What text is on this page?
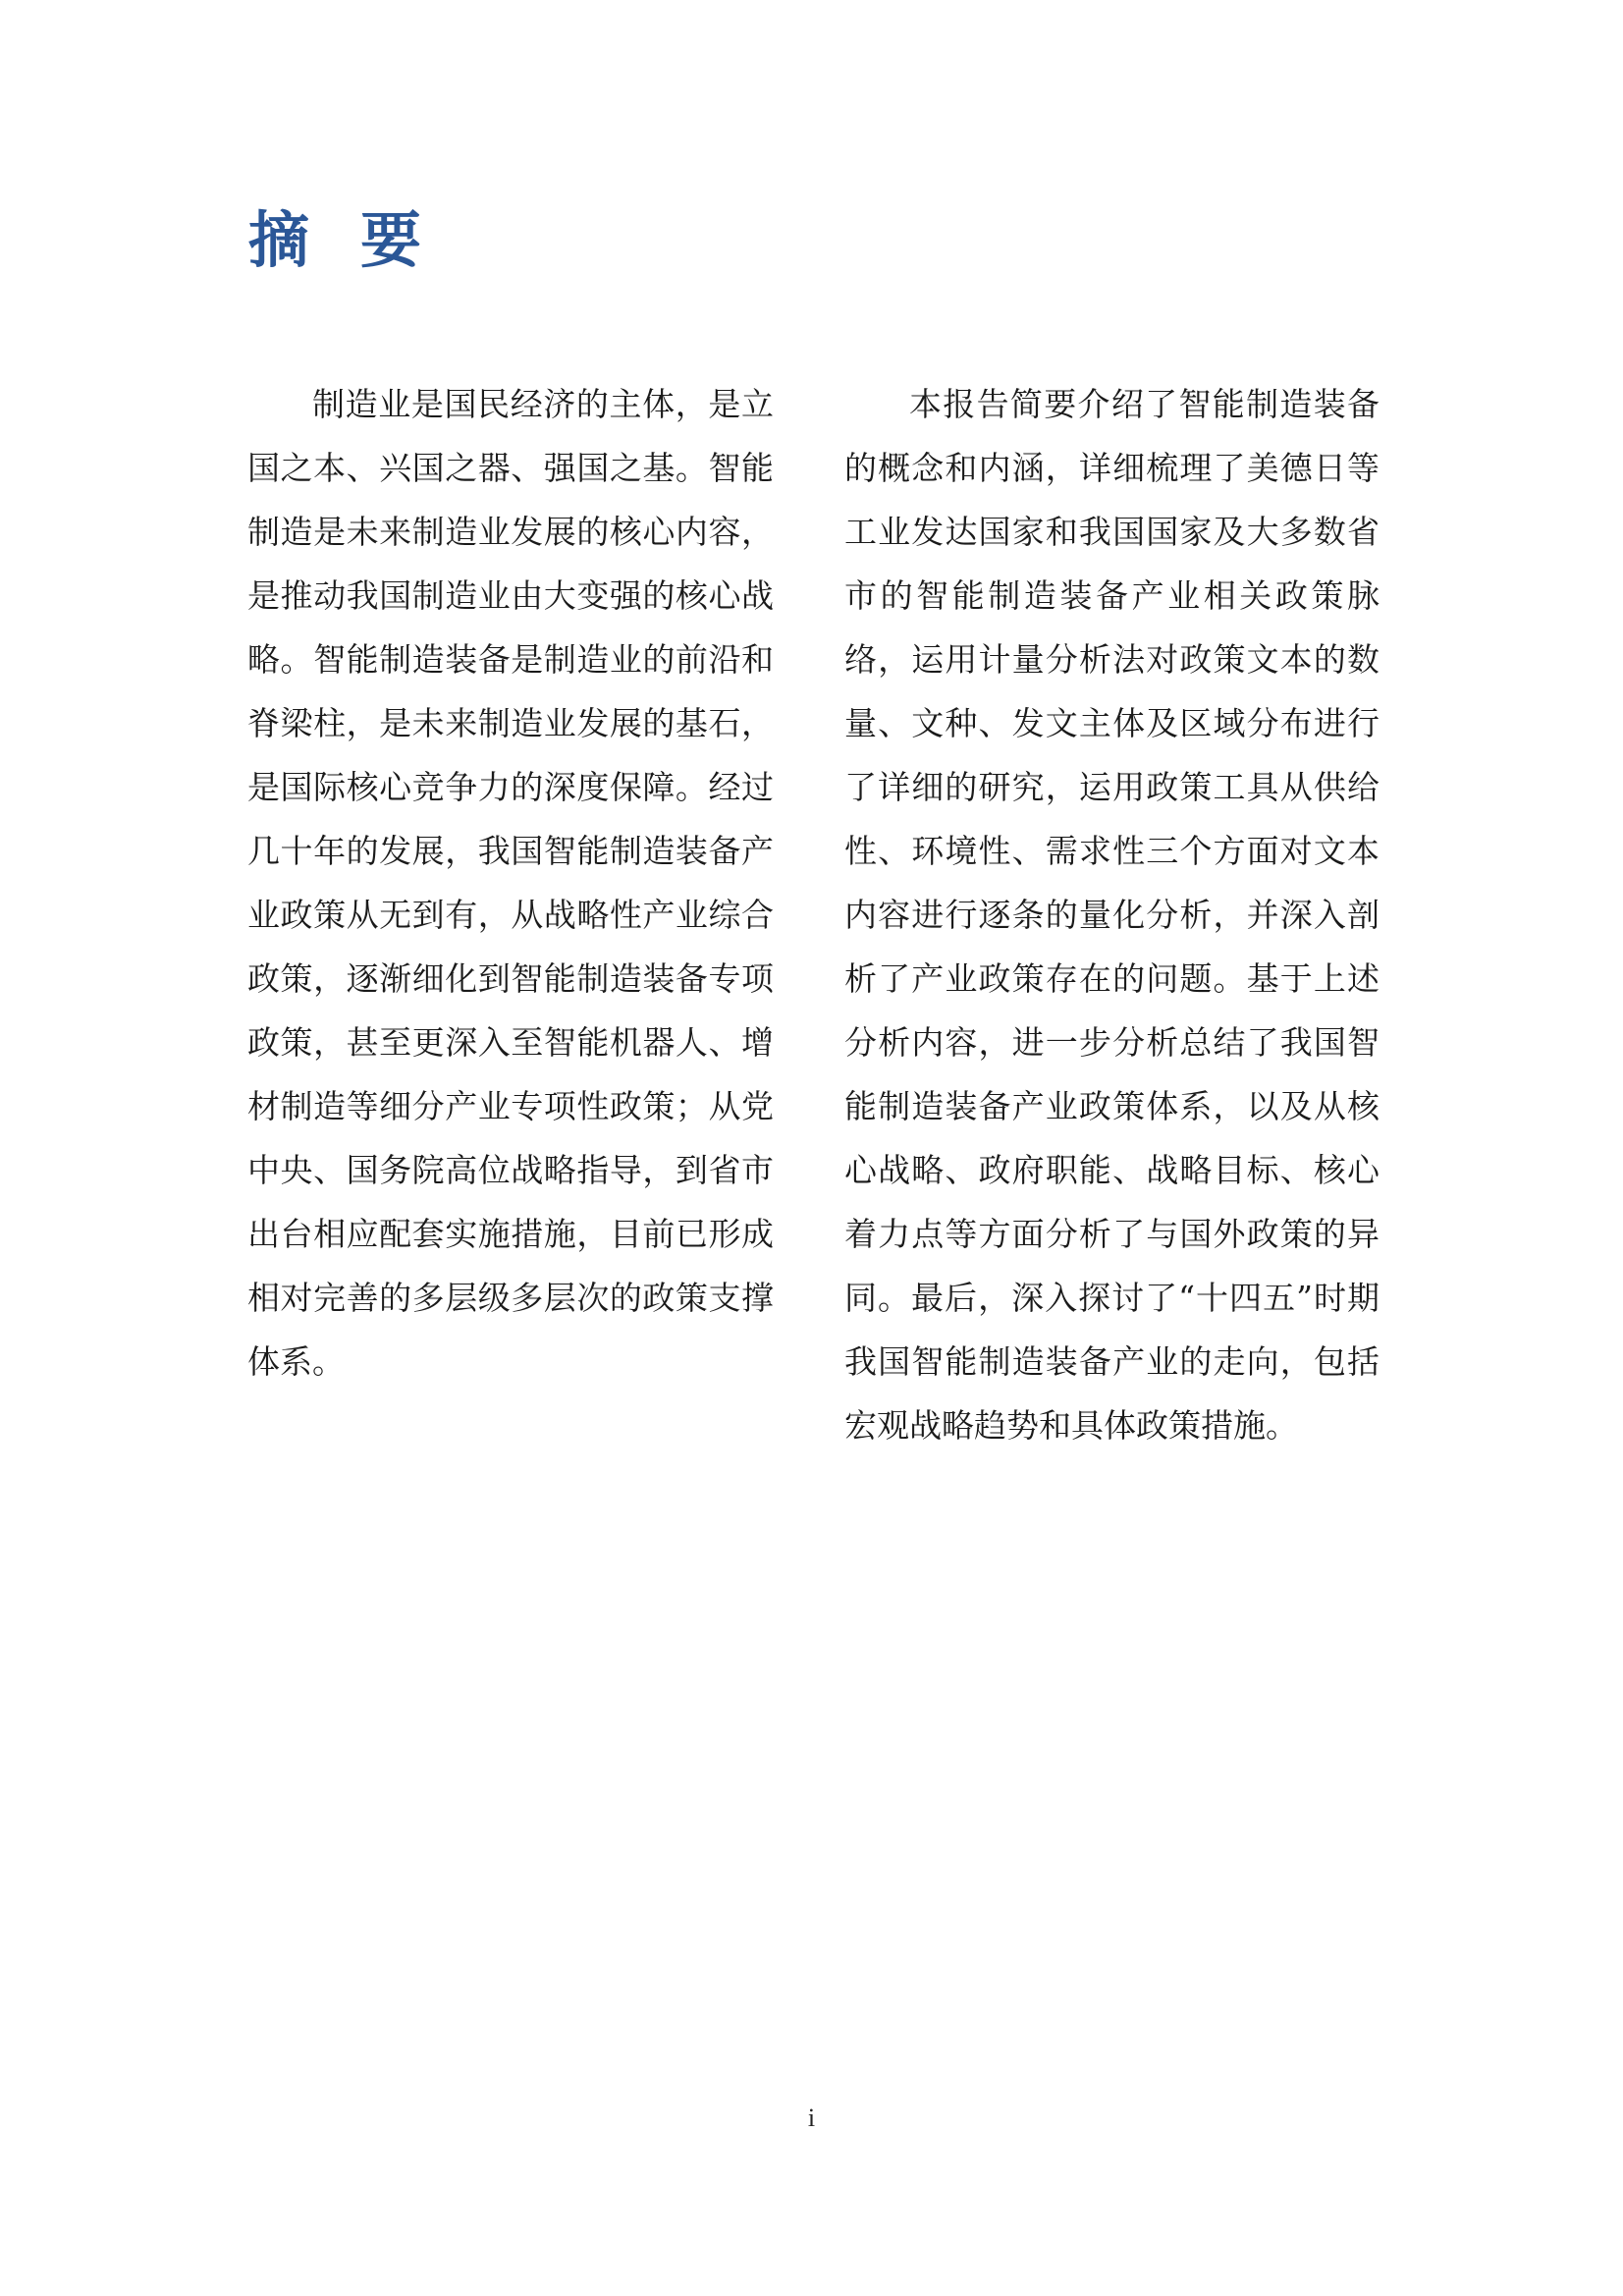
摘要

制造业是国民经济的主体，是立国之本、兴国之器、强国之基。智能制造是未来制造业发展的核心内容，是推动我国制造业由大变强的核心战略。智能制造装备是制造业的前沿和脊梁柱，是未来制造业发展的基石，是国际核心竞争力的深度保障。经过几十年的发展，我国智能制造装备产业政策从无到有，从战略性产业综合政策，逐渐细化到智能制造装备专项政策，甚至更深入至智能机器人、增材制造等细分产业专项性政策；从党中央、国务院高位战略指导，到省市出台相应配套实施措施，目前已形成相对完善的多层级多层次的政策支撑体系。

本报告简要介绍了智能制造装备的概念和内涵，详细梳理了美德日等工业发达国家和我国国家及大多数省市的智能制造装备产业相关政策脉络，运用计量分析法对政策文本的数量、文种、发文主体及区域分布进行了详细的研究，运用政策工具从供给性、环境性、需求性三个方面对文本内容进行逐条的量化分析，并深入剖析了产业政策存在的问题。基于上述分析内容，进一步分析总结了我国智能制造装备产业政策体系，以及从核心战略、政府职能、战略目标、核心着力点等方面分析了与国外政策的异同。最后，深入探讨了“十四五”时期我国智能制造装备产业的走向，包括宏观战略趋势和具体政策措施。

i
